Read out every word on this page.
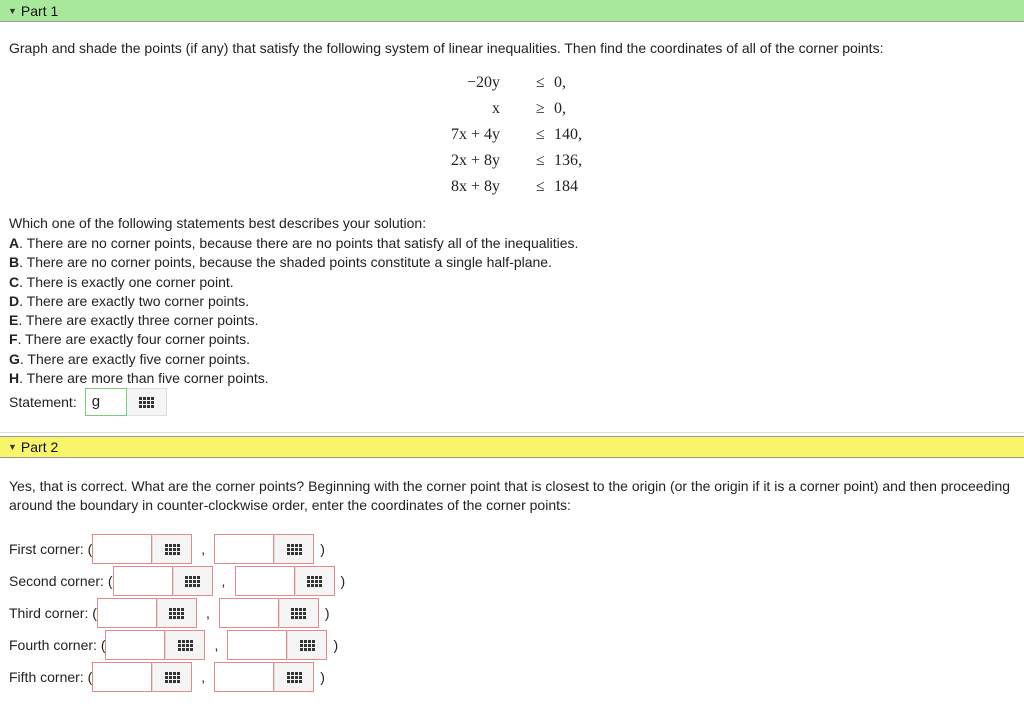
▼ Part 1
Graph and shade the points (if any) that satisfy the following system of linear inequalities. Then find the coordinates of all of the corner points:
−20y ≤ 0,
x ≥ 0,
7x + 4y ≤ 140,
2x + 8y ≤ 136,
8x + 8y ≤ 184
Which one of the following statements best describes your solution:
A. There are no corner points, because there are no points that satisfy all of the inequalities.
B. There are no corner points, because the shaded points constitute a single half-plane.
C. There is exactly one corner point.
D. There are exactly two corner points.
E. There are exactly three corner points.
F. There are exactly four corner points.
G. There are exactly five corner points.
H. There are more than five corner points.
Statement:	g
▼ Part 2
Yes, that is correct. What are the corner points? Beginning with the corner point that is closest to the origin (or the origin if it is a corner point) and then proceeding around the boundary in counter-clockwise order, enter the coordinates of the corner points:
First corner: (	,	)
Second corner: (	,	)
Third corner: (	,	)
Fourth corner: (	,	)
Fifth corner: (	,	)
